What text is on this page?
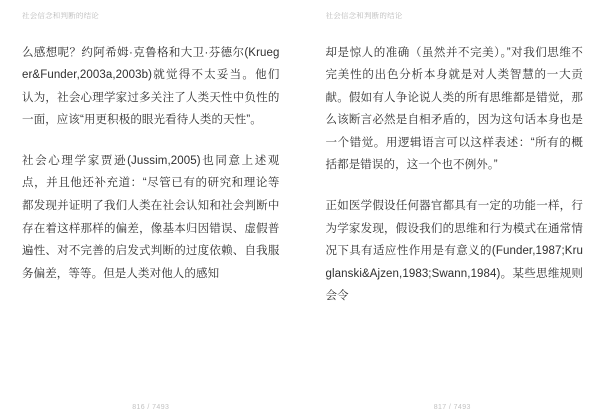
社会信念和判断的结论

么感想呢？约阿希姆·克鲁格和大卫·芬德尔(Krueger&Funder,2003a,2003b)就觉得不太妥当。他们认为，社会心理学家过多关注了人类天性中负性的一面，应该“用更积极的眼光看待人类的天性”。

社会心理学家贾逊(Jussim,2005)也同意上述观点，并且他还补充道：“尽管已有的研究和理论等都发现并证明了我们人类在社会认知和社会判断中存在着这样那样的偏差，像基本归因错误、虚假普遍性、对不完善的启发式判断的过度依赖、自我服务偏差，等等。但是人类对他人的感知

816 / 7493
社会信念和判断的结论

却是惊人的准确（虽然并不完美）。”对我们思维不完美性的出色分析本身就是对人类智慧的一大贡献。假如有人争论说人类的所有思维都是错觉，那么该断言必然是自相矛盾的，因为这句话本身也是一个错觉。用逻辑语言可以这样表述：“所有的概括都是错误的，这一个也不例外。”

正如医学假设任何器官都具有一定的功能一样，行为学家发现，假设我们的思维和行为模式在通常情况下具有适应性作用是有意义的(Funder,1987;Kruglanski&Ajzen,1983;Swann,1984)。某些思维规则会令

817 / 7493
